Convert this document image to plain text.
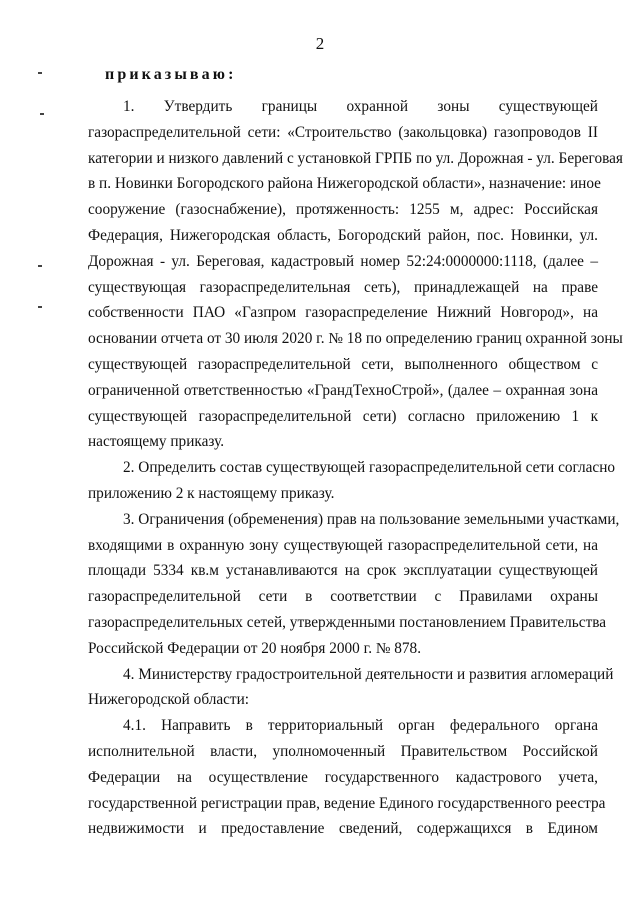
2
приказываю:
1. Утвердить границы охранной зоны существующей
газораспределительной сети: «Строительство (закольцовка) газопроводов II
категории и низкого давлений с установкой ГРПБ по ул. Дорожная - ул. Береговая
в п. Новинки Богородского района Нижегородской области», назначение: иное
сооружение (газоснабжение), протяженность: 1255 м, адрес: Российская
Федерация, Нижегородская область, Богородский район, пос. Новинки, ул.
Дорожная - ул. Береговая, кадастровый номер 52:24:0000000:1118, (далее –
существующая газораспределительная сеть), принадлежащей на праве
собственности ПАО «Газпром газораспределение Нижний Новгород», на
основании отчета от 30 июля 2020 г. № 18 по определению границ охранной зоны
существующей газораспределительной сети, выполненного обществом с
ограниченной ответственностью «ГрандТехноСтрой», (далее – охранная зона
существующей газораспределительной сети) согласно приложению 1 к
настоящему приказу.
2. Определить состав существующей газораспределительной сети согласно
приложению 2 к настоящему приказу.
3. Ограничения (обременения) прав на пользование земельными участками,
входящими в охранную зону существующей газораспределительной сети, на
площади 5334 кв.м устанавливаются на срок эксплуатации существующей
газораспределительной сети в соответствии с Правилами охраны
газораспределительных сетей, утвержденными постановлением Правительства
Российской Федерации от 20 ноября 2000 г. № 878.
4. Министерству градостроительной деятельности и развития агломераций
Нижегородской области:
4.1. Направить в территориальный орган федерального органа
исполнительной власти, уполномоченный Правительством Российской
Федерации на осуществление государственного кадастрового учета,
государственной регистрации прав, ведение Единого государственного реестра
недвижимости и предоставление сведений, содержащихся в Едином
